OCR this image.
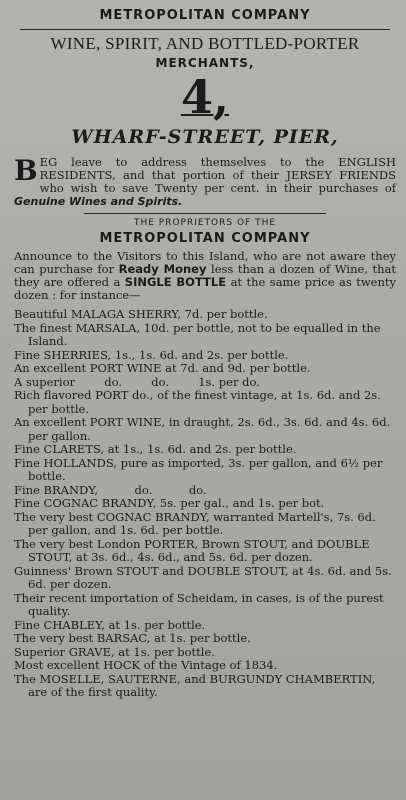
METROPOLITAN COMPANY
WINE, SPIRIT, AND BOTTLED-PORTER
MERCHANTS,
4,
WHARF-STREET, PIER,
B EG leave to address themselves to the ENGLISH RESIDENTS, and that portion of their JERSEY FRIENDS who wish to save Twenty per cent. in their purchases of Genuine Wines and Spirits.
THE PROPRIETORS OF THE
METROPOLITAN COMPANY
Announce to the Visitors to this Island, who are not aware they can purchase for Ready Money less than a dozen of Wine, that they are offered a SINGLE BOTTLE at the same price as twenty dozen : for instance—

Beautiful MALAGA SHERRY, 7d. per bottle.

The finest MARSALA, 10d. per bottle, not to be equalled in the Island.

Fine SHERRIES, 1s., 1s. 6d. and 2s. per bottle.

An excellent PORT WINE at 7d. and 9d. per bottle.

A superior        do.        do.        1s. per do.

Rich flavored PORT do., of the finest vintage, at 1s. 6d. and 2s. per bottle.

An excellent PORT WINE, in draught, 2s. 6d., 3s. 6d. and 4s. 6d. per gallon.

Fine CLARETS, at 1s., 1s. 6d. and 2s. per bottle.

Fine HOLLANDS, pure as imported, 3s. per gallon, and 6½ per bottle.

Fine BRANDY,          do.          do.

Fine COGNAC BRANDY, 5s. per gal., and 1s. per bot.

The very best COGNAC BRANDY, warranted Martell's, 7s. 6d. per gallon, and 1s. 6d. per bottle.

The very best London PORTER, Brown STOUT, and DOUBLE STOUT, at 3s. 6d., 4s. 6d., and 5s. 6d. per dozen.

Guinness' Brown STOUT and DOUBLE STOUT, at 4s. 6d. and 5s. 6d. per dozen.

Their recent importation of Scheidam, in cases, is of the purest quality.

Fine CHABLEY, at 1s. per bottle.

The very best BARSAC, at 1s. per bottle.

Superior GRAVE, at 1s. per bottle.

Most excellent HOCK of the Vintage of 1834.

The MOSELLE, SAUTERNE, and BURGUNDY CHAMBERTIN, are of the first quality.
